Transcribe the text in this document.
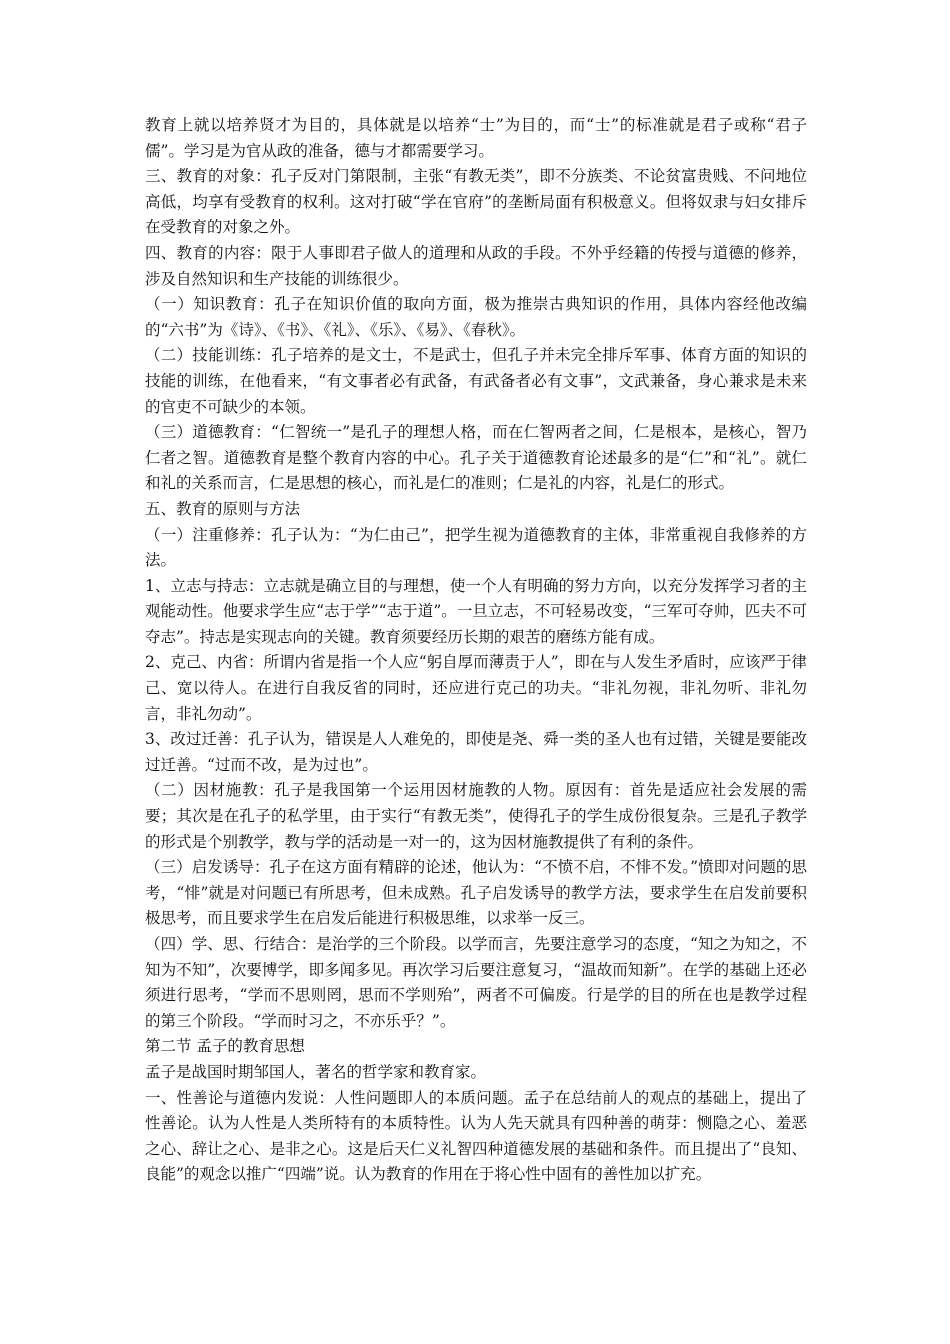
教育上就以培养贤才为目的，具体就是以培养“士”为目的，而“士”的标准就是君子或称“君子儒”。学习是为官从政的准备，德与才都需要学习。

三、教育的对象：孔子反对门第限制，主张“有教无类”，即不分族类、不论贫富贵贱、不问地位高低，均享有受教育的权利。这对打破“学在官府”的垄断局面有积极意义。但将奴隶与妇女排斥在受教育的对象之外。

四、教育的内容：限于人事即君子做人的道理和从政的手段。不外乎经籍的传授与道德的修养，涉及自然知识和生产技能的训练很少。

（一）知识教育：孔子在知识价值的取向方面，极为推崇古典知识的作用，具体内容经他改编的“六书”为《诗》、《书》、《礼》、《乐》、《易》、《春秋》。

（二）技能训练：孔子培养的是文士，不是武士，但孔子并未完全排斥军事、体育方面的知识的技能的训练，在他看来，“有文事者必有武备，有武备者必有文事”，文武兼备，身心兼求是未来的官吏不可缺少的本领。

（三）道德教育：“仁智统一”是孔子的理想人格，而在仁智两者之间，仁是根本，是核心，智乃仁者之智。道德教育是整个教育内容的中心。孔子关于道德教育论述最多的是“仁”和“礼”。就仁和礼的关系而言，仁是思想的核心，而礼是仁的准则；仁是礼的内容，礼是仁的形式。

五、教育的原则与方法

（一）注重修养：孔子认为：“为仁由己”，把学生视为道德教育的主体，非常重视自我修养的方法。

1、立志与持志：立志就是确立目的与理想，使一个人有明确的努力方向，以充分发挥学习者的主观能动性。他要求学生应“志于学”“志于道”。一旦立志，不可轻易改变，“三军可夺帅，匹夫不可夺志”。持志是实现志向的关键。教育须要经历长期的艰苦的磨练方能有成。

2、克己、内省：所谓内省是指一个人应“躬自厚而薄责于人”，即在与人发生矛盾时，应该严于律己、宽以待人。在进行自我反省的同时，还应进行克己的功夫。“非礼勿视，非礼勿听、非礼勿言，非礼勿动”。

3、改过迁善：孔子认为，错误是人人难免的，即使是尧、舜一类的圣人也有过错，关键是要能改过迁善。“过而不改，是为过也”。

（二）因材施教：孔子是我国第一个运用因材施教的人物。原因有：首先是适应社会发展的需要；其次是在孔子的私学里，由于实行“有教无类”，使得孔子的学生成份很复杂。三是孔子教学的形式是个别教学，教与学的活动是一对一的，这为因材施教提供了有利的条件。

（三）启发诱导：孔子在这方面有精辟的论述，他认为：“不愤不启，不悱不发。”愤即对问题的思考，“悱”就是对问题已有所思考，但未成熟。孔子启发诱导的教学方法，要求学生在启发前要积极思考，而且要求学生在启发后能进行积极思维，以求举一反三。

（四）学、思、行结合：是治学的三个阶段。以学而言，先要注意学习的态度，“知之为知之，不知为不知”，次要博学，即多闻多见。再次学习后要注意复习，“温故而知新”。在学的基础上还必须进行思考，“学而不思则罔，思而不学则殆”，两者不可偏废。行是学的目的所在也是教学过程的第三个阶段。“学而时习之，不亦乐乎？”。

第二节 孟子的教育思想

孟子是战国时期邹国人，著名的哲学家和教育家。

一、性善论与道德内发说：人性问题即人的本质问题。孟子在总结前人的观点的基础上，提出了性善论。认为人性是人类所特有的本质特性。认为人先天就具有四种善的萌芽：恻隐之心、羞恶之心、辞让之心、是非之心。这是后天仁义礼智四种道德发展的基础和条件。而且提出了“良知、良能”的观念以推广“四端”说。认为教育的作用在于将心性中固有的善性加以扩充。
